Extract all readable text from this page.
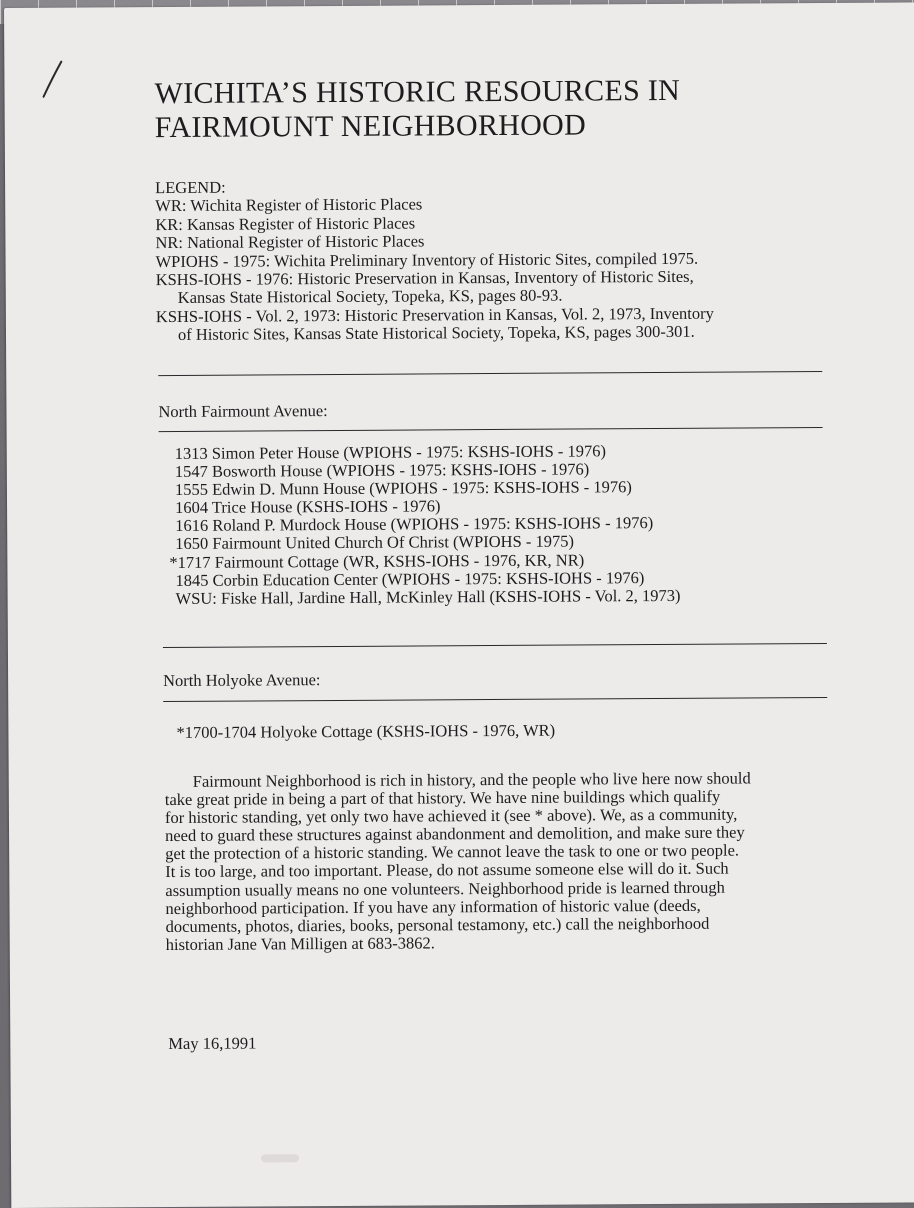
WICHITA’S HISTORIC RESOURCES IN
FAIRMOUNT NEIGHBORHOOD
LEGEND:
WR: Wichita Register of Historic Places
KR: Kansas Register of Historic Places
NR: National Register of Historic Places
WPIOHS - 1975: Wichita Preliminary Inventory of Historic Sites, compiled 1975.
KSHS-IOHS - 1976: Historic Preservation in Kansas, Inventory of Historic Sites,
Kansas State Historical Society, Topeka, KS, pages 80-93.
KSHS-IOHS - Vol. 2, 1973: Historic Preservation in Kansas, Vol. 2, 1973, Inventory
of Historic Sites, Kansas State Historical Society, Topeka, KS, pages 300-301.
North Fairmount Avenue:
1313 Simon Peter House (WPIOHS - 1975: KSHS-IOHS - 1976)
1547 Bosworth House (WPIOHS - 1975: KSHS-IOHS - 1976)
1555 Edwin D. Munn House (WPIOHS - 1975: KSHS-IOHS - 1976)
1604 Trice House (KSHS-IOHS - 1976)
1616 Roland P. Murdock House (WPIOHS - 1975: KSHS-IOHS - 1976)
1650 Fairmount United Church Of Christ (WPIOHS - 1975)
*1717 Fairmount Cottage (WR, KSHS-IOHS - 1976, KR, NR)
1845 Corbin Education Center (WPIOHS - 1975: KSHS-IOHS - 1976)
WSU: Fiske Hall, Jardine Hall, McKinley Hall (KSHS-IOHS - Vol. 2, 1973)
North Holyoke Avenue:
*1700-1704 Holyoke Cottage (KSHS-IOHS - 1976, WR)
Fairmount Neighborhood is rich in history, and the people who live here now should
take great pride in being a part of that history. We have nine buildings which qualify
for historic standing, yet only two have achieved it (see * above). We, as a community,
need to guard these structures against abandonment and demolition, and make sure they
get the protection of a historic standing. We cannot leave the task to one or two people.
It is too large, and too important. Please, do not assume someone else will do it. Such
assumption usually means no one volunteers. Neighborhood pride is learned through
neighborhood participation. If you have any information of historic value (deeds,
documents, photos, diaries, books, personal testamony, etc.) call the neighborhood
historian Jane Van Milligen at 683-3862.
May 16,1991
